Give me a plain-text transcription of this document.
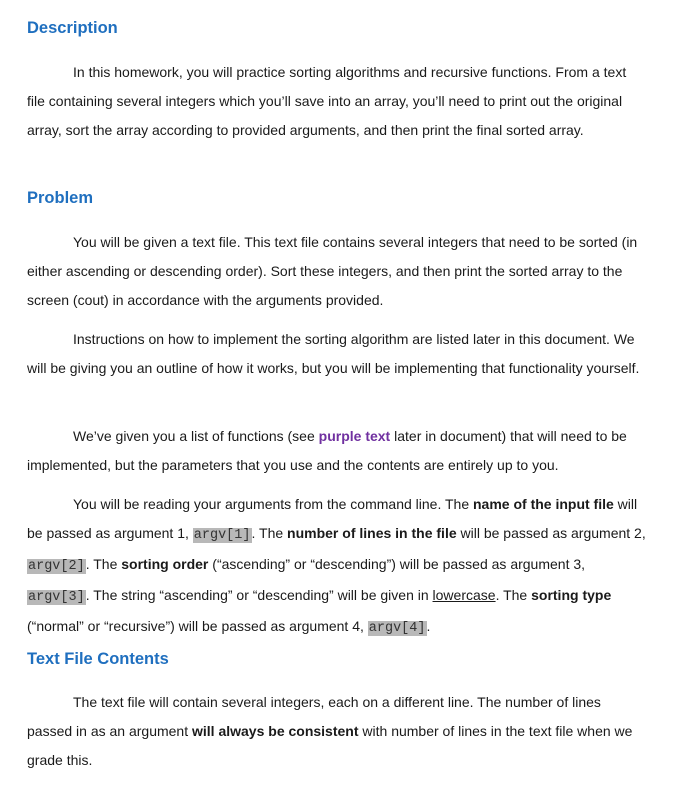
Description

In this homework, you will practice sorting algorithms and recursive functions. From a text file containing several integers which you’ll save into an array, you’ll need to print out the original array, sort the array according to provided arguments, and then print the final sorted array.

Problem

You will be given a text file. This text file contains several integers that need to be sorted (in either ascending or descending order). Sort these integers, and then print the sorted array to the screen (cout) in accordance with the arguments provided.

Instructions on how to implement the sorting algorithm are listed later in this document. We will be giving you an outline of how it works, but you will be implementing that functionality yourself.

We’ve given you a list of functions (see purple text later in document) that will need to be implemented, but the parameters that you use and the contents are entirely up to you.

You will be reading your arguments from the command line. The name of the input file will be passed as argument 1, argv[1]. The number of lines in the file will be passed as argument 2, argv[2]. The sorting order (“ascending” or “descending”) will be passed as argument 3, argv[3]. The string “ascending” or “descending” will be given in lowercase. The sorting type (“normal” or “recursive”) will be passed as argument 4, argv[4].

Text File Contents

The text file will contain several integers, each on a different line. The number of lines passed in as an argument will always be consistent with number of lines in the text file when we grade this.
